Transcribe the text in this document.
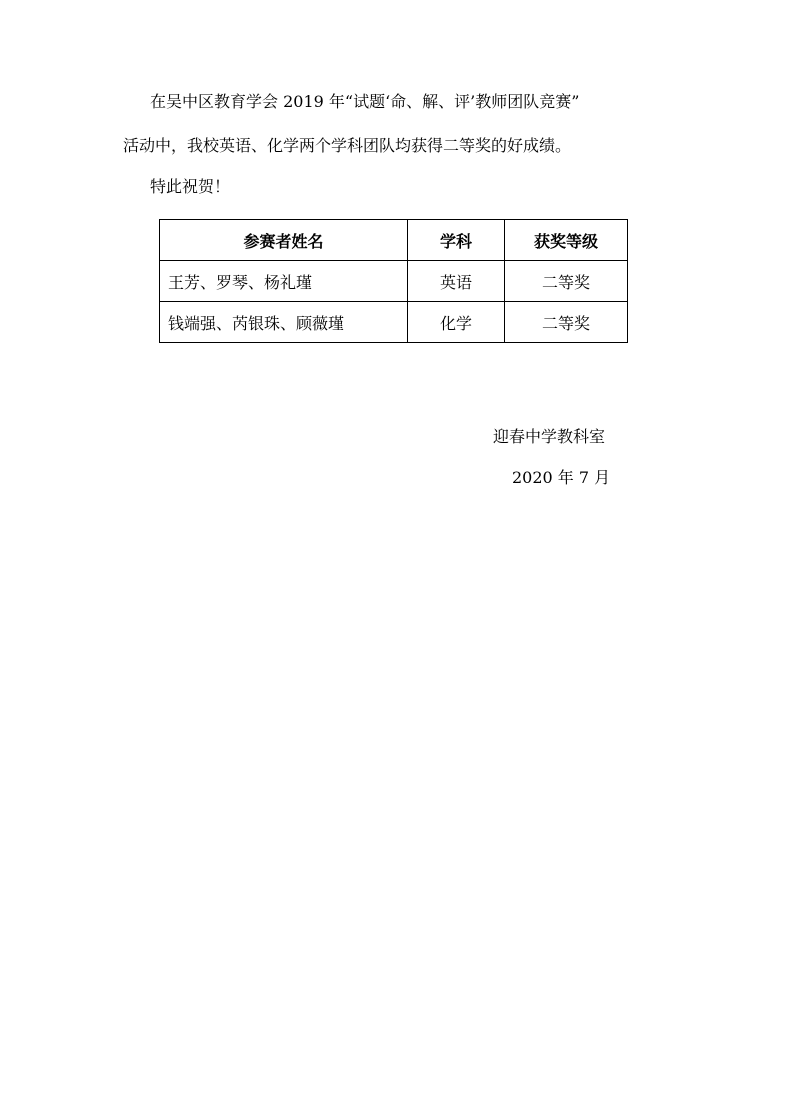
在吴中区教育学会 2019 年“试题‘命、解、评’教师团队竞赛”
活动中，我校英语、化学两个学科团队均获得二等奖的好成绩。
特此祝贺！
参赛者姓名	学科	获奖等级
王芳、罗琴、杨礼瑾	英语	二等奖
钱端强、芮银珠、顾薇瑾	化学	二等奖
迎春中学教科室
2020 年 7 月
